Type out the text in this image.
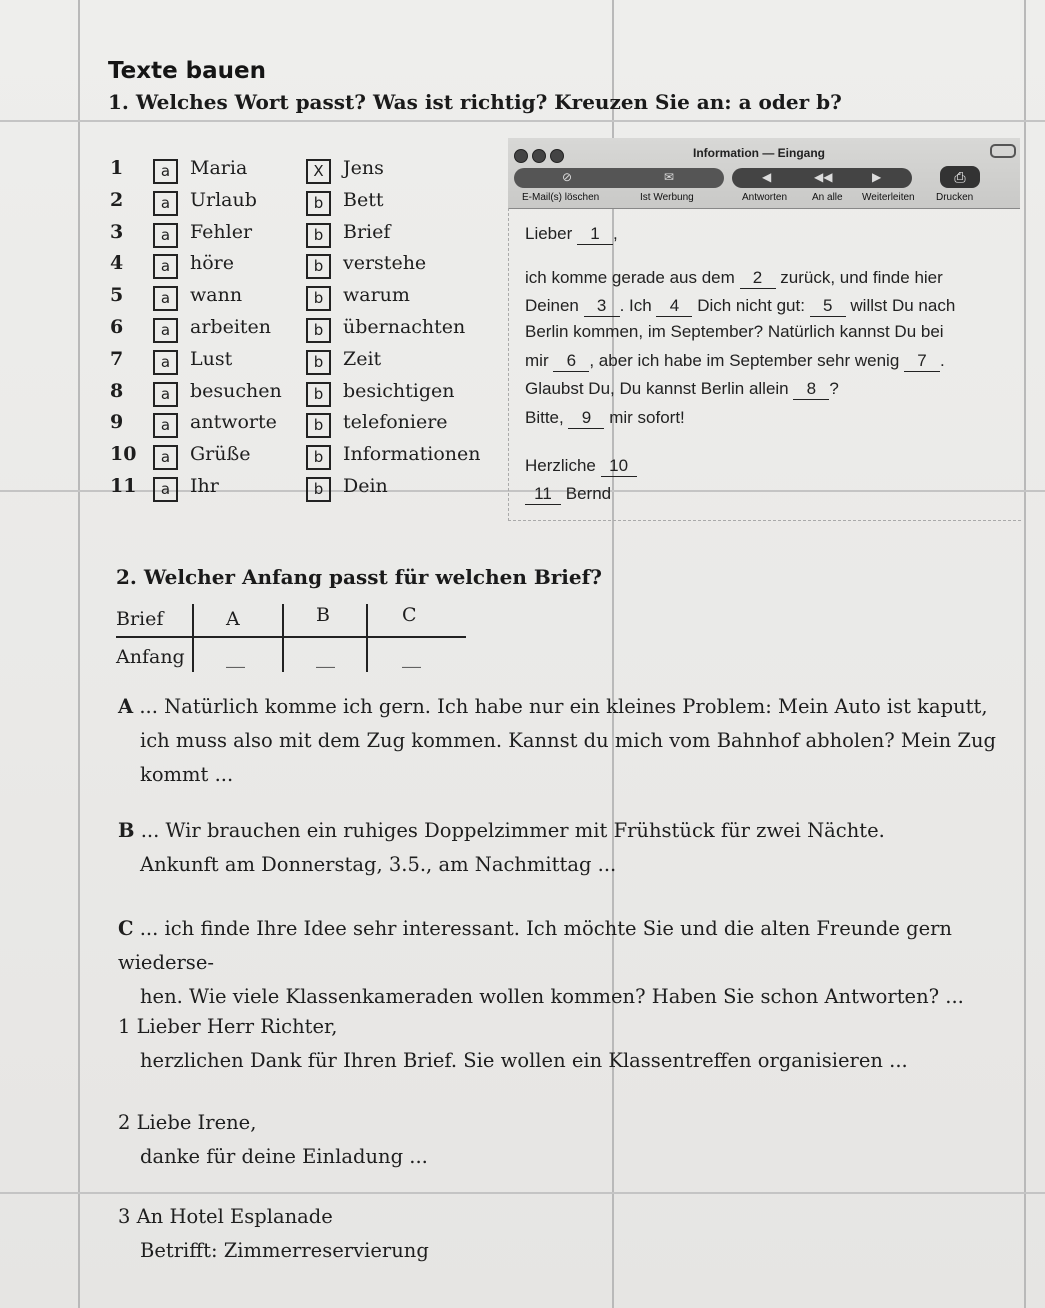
Texte bauen
1. Welches Wort passt? Was ist richtig? Kreuzen Sie an: a oder b?
1	a	Maria	X	Jens
2	a	Urlaub	b	Bett
3	a	Fehler	b	Brief
4	a	höre	b	verstehe
5	a	wann	b	warum
6	a	arbeiten	b	übernachten
7	a	Lust	b	Zeit
8	a	besuchen	b	besichtigen
9	a	antworte	b	telefoniere
10	a	Grüße	b	Informationen
11	a	Ihr	b	Dein
Information — Eingang
⊘	✉	◀	◀◀	▶	⎙
E-Mail(s) löschen	Ist Werbung	Antworten An alle Weiterleiten Drucken
Lieber 1 ,
ich komme gerade aus dem 2 zurück, und finde hier
Deinen 3 . Ich 4 Dich nicht gut: 5 willst Du nach
Berlin kommen, im September? Natürlich kannst Du bei
mir 6 , aber ich habe im September sehr wenig 7 .
Glaubst Du, Du kannst Berlin allein 8 ?
Bitte, 9 mir sofort!
Herzliche 10
11 Bernd
2. Welcher Anfang passt für welchen Brief?
Brief	A	B	C
Anfang __	__	__
A ... Natürlich komme ich gern. Ich habe nur ein kleines Problem: Mein Auto ist kaputt,
ich muss also mit dem Zug kommen. Kannst du mich vom Bahnhof abholen? Mein Zug
kommt ...
B ... Wir brauchen ein ruhiges Doppelzimmer mit Frühstück für zwei Nächte.
Ankunft am Donnerstag, 3.5., am Nachmittag ...
C ... ich finde Ihre Idee sehr interessant. Ich möchte Sie und die alten Freunde gern wiederse-
hen. Wie viele Klassenkameraden wollen kommen? Haben Sie schon Antworten? ...
1 Lieber Herr Richter,
herzlichen Dank für Ihren Brief. Sie wollen ein Klassentreffen organisieren ...
2 Liebe Irene,
danke für deine Einladung ...
3 An Hotel Esplanade
Betrifft: Zimmerreservierung
